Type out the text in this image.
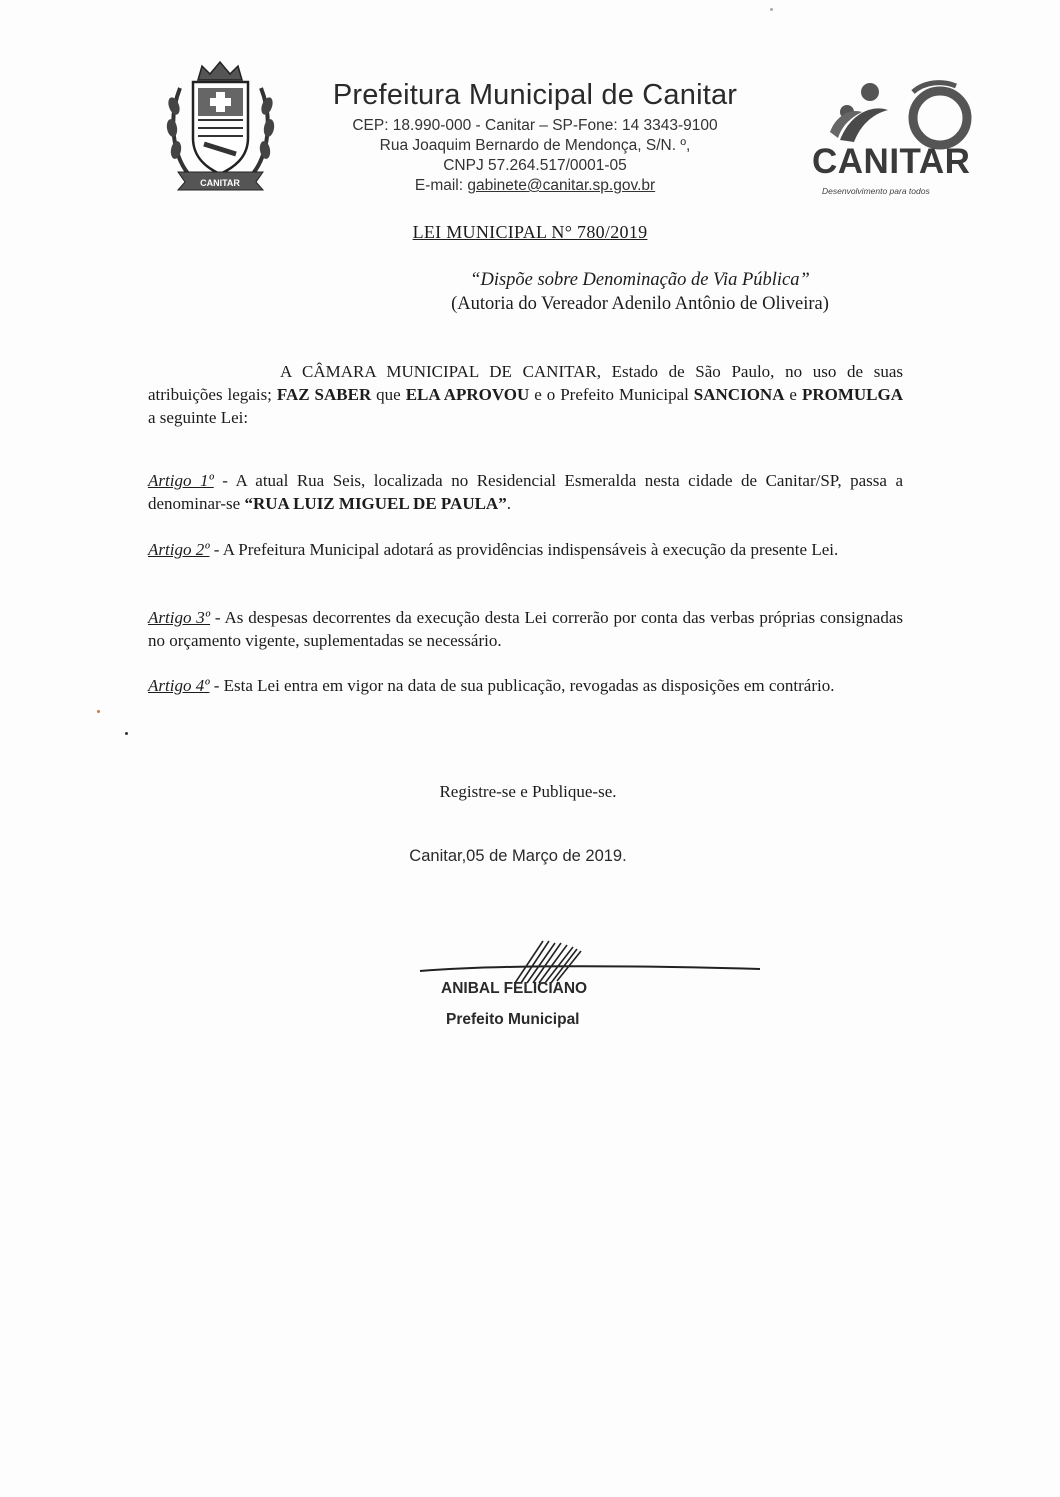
CANITAR
Prefeitura Municipal de Canitar
CEP: 18.990-000 - Canitar – SP-Fone: 14 3343-9100
Rua Joaquim Bernardo de Mendonça, S/N. º,
CNPJ 57.264.517/0001-05
E-mail: gabinete@canitar.sp.gov.br
CANITAR
Desenvolvimento para todos
LEI MUNICIPAL N° 780/2019
“Dispõe sobre Denominação de Via Pública”
(Autoria do Vereador Adenilo Antônio de Oliveira)
A CÂMARA MUNICIPAL DE CANITAR, Estado de São Paulo, no uso de suas atribuições legais; FAZ SABER que ELA APROVOU e o Prefeito Municipal SANCIONA e PROMULGA a seguinte Lei:
Artigo 1º - A atual Rua Seis, localizada no Residencial Esmeralda nesta cidade de Canitar/SP, passa a denominar-se “RUA LUIZ MIGUEL DE PAULA”.
Artigo 2º - A Prefeitura Municipal adotará as providências indispensáveis à execução da presente Lei.
Artigo 3º - As despesas decorrentes da execução desta Lei correrão por conta das verbas próprias consignadas no orçamento vigente, suplementadas se necessário.
Artigo 4º - Esta Lei entra em vigor na data de sua publicação, revogadas as disposições em contrário.
Registre-se e Publique-se.
Canitar,05 de Março de 2019.
ANIBAL FELICIANO
Prefeito Municipal
